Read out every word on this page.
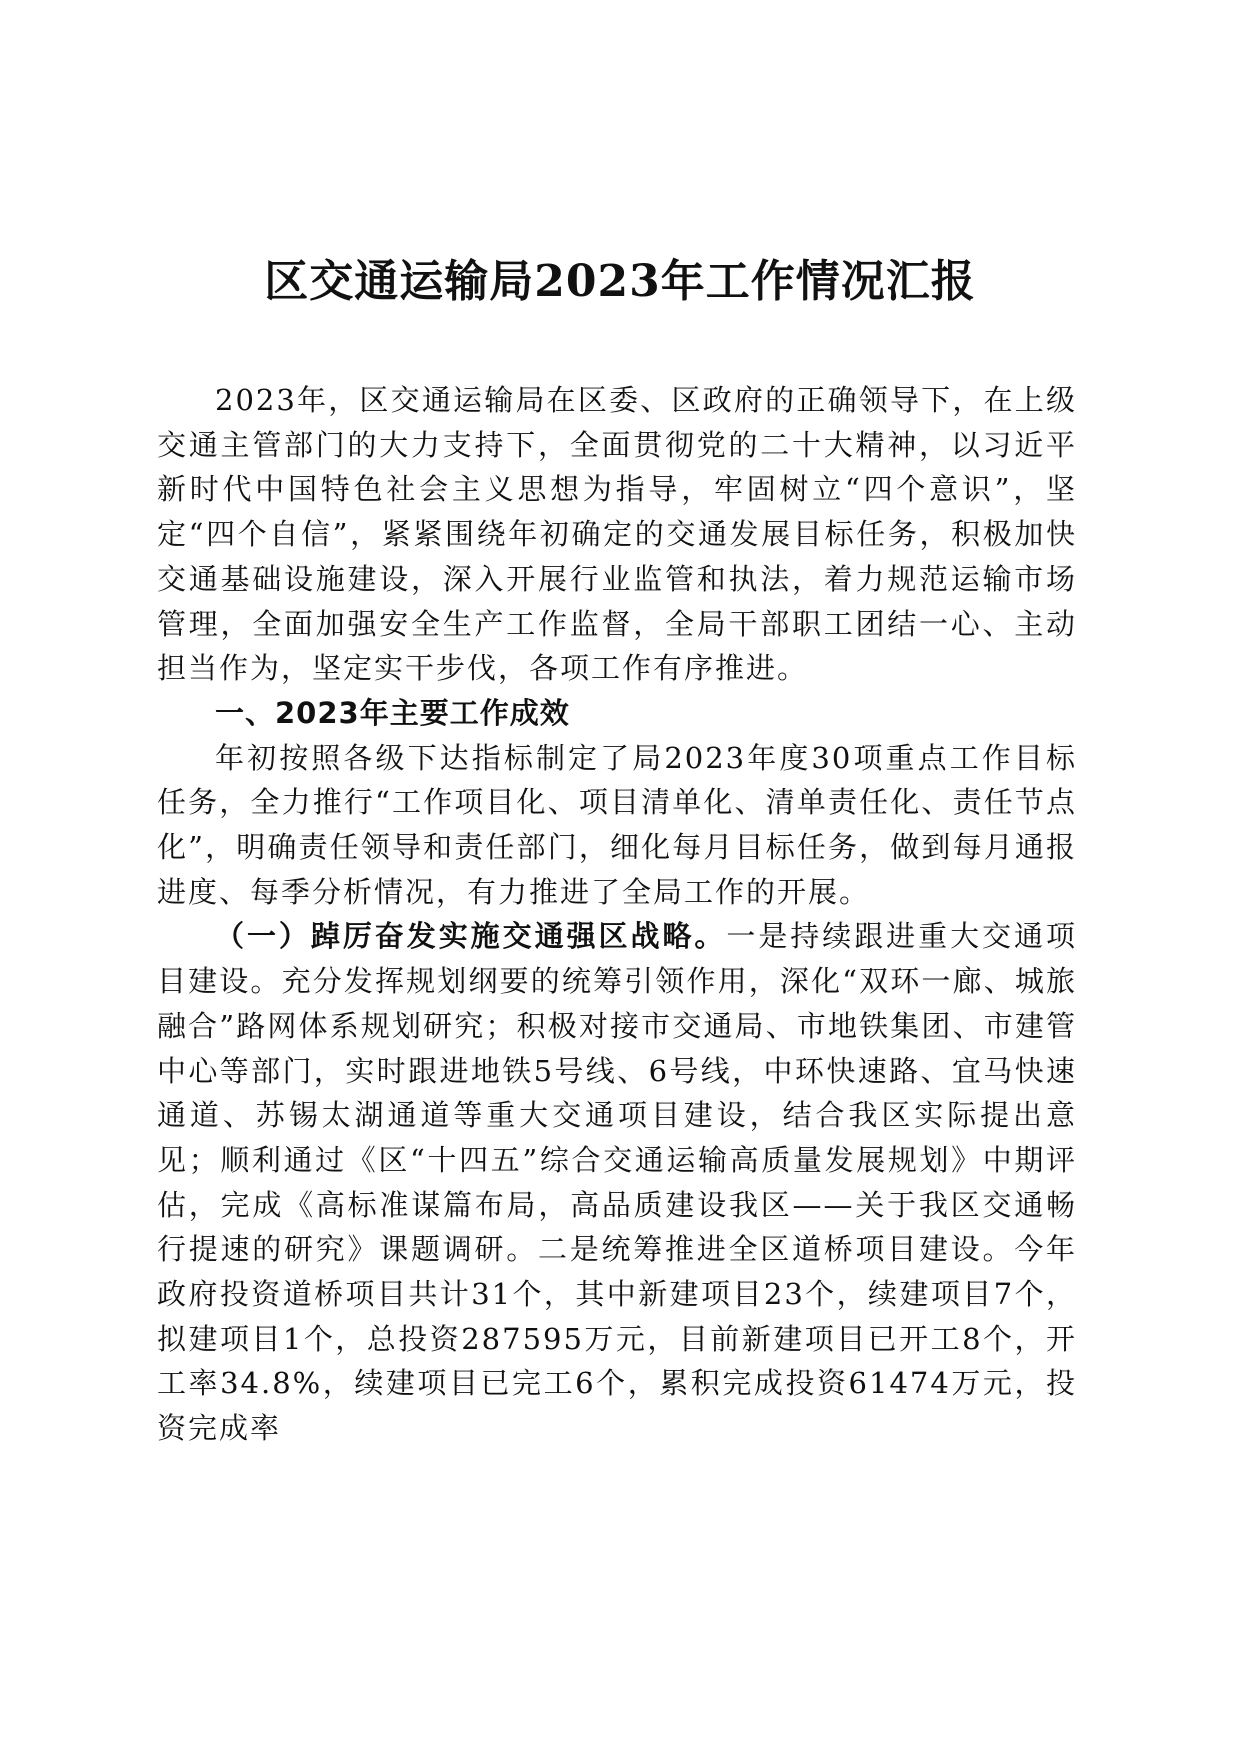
区交通运输局2023年工作情况汇报

2023年，区交通运输局在区委、区政府的正确领导下，在上级交通主管部门的大力支持下，全面贯彻党的二十大精神，以习近平新时代中国特色社会主义思想为指导，牢固树立“四个意识”，坚定“四个自信”，紧紧围绕年初确定的交通发展目标任务，积极加快交通基础设施建设，深入开展行业监管和执法，着力规范运输市场管理，全面加强安全生产工作监督，全局干部职工团结一心、主动担当作为，坚定实干步伐，各项工作有序推进。

一、2023年主要工作成效

年初按照各级下达指标制定了局2023年度30项重点工作目标任务，全力推行“工作项目化、项目清单化、清单责任化、责任节点化”，明确责任领导和责任部门，细化每月目标任务，做到每月通报进度、每季分析情况，有力推进了全局工作的开展。

（一）踔厉奋发实施交通强区战略。一是持续跟进重大交通项目建设。充分发挥规划纲要的统筹引领作用，深化“双环一廊、城旅融合”路网体系规划研究；积极对接市交通局、市地铁集团、市建管中心等部门，实时跟进地铁5号线、6号线，中环快速路、宜马快速通道、苏锡太湖通道等重大交通项目建设，结合我区实际提出意见；顺利通过《区“十四五”综合交通运输高质量发展规划》中期评估，完成《高标准谋篇布局，高品质建设我区——关于我区交通畅行提速的研究》课题调研。二是统筹推进全区道桥项目建设。今年政府投资道桥项目共计31个，其中新建项目23个，续建项目7个，拟建项目1个，总投资287595万元，目前新建项目已开工8个，开工率34.8%，续建项目已完工6个，累积完成投资61474万元，投资完成率
